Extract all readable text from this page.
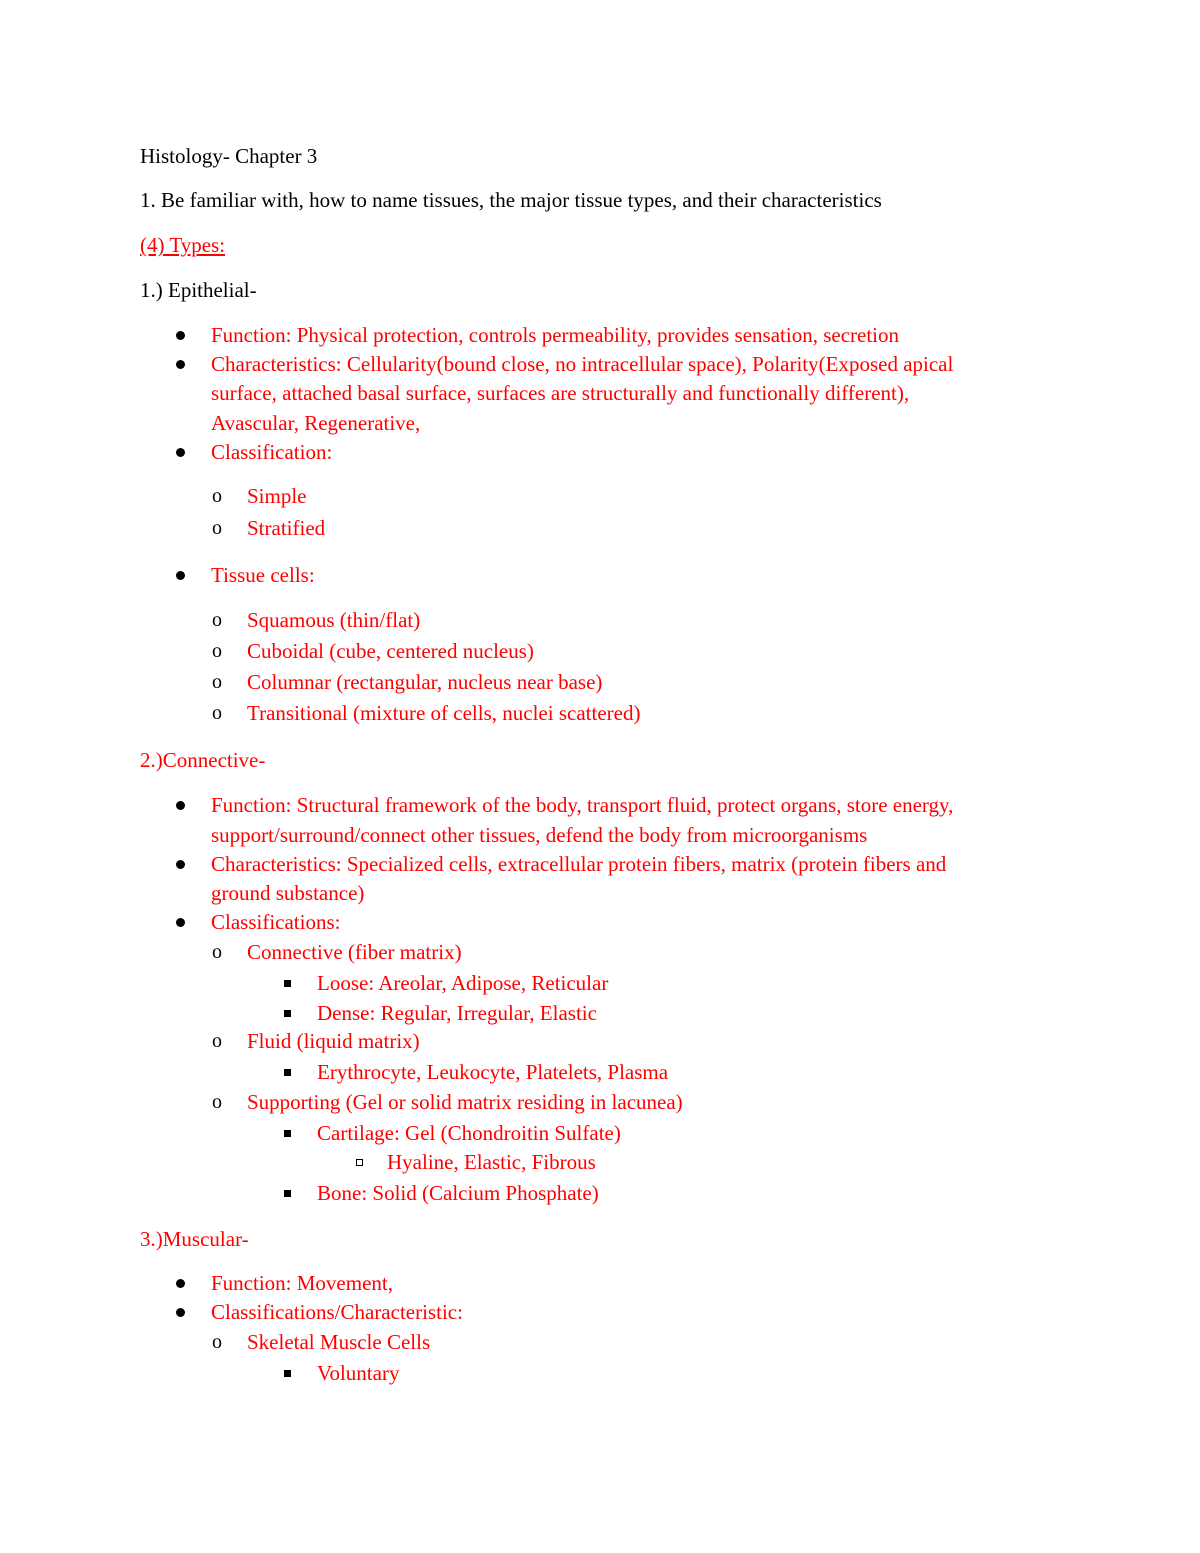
Histology- Chapter 3
1. Be familiar with, how to name tissues, the major tissue types, and their characteristics
(4) Types:
1.) Epithelial-
Function: Physical protection, controls permeability, provides sensation, secretion
Characteristics: Cellularity(bound close, no intracellular space), Polarity(Exposed apical
surface, attached basal surface, surfaces are structurally and functionally different),
Avascular, Regenerative,
Classification:
o Simple
o Stratified
Tissue cells:
o Squamous (thin/flat)
o Cuboidal (cube, centered nucleus)
o Columnar (rectangular, nucleus near base)
o Transitional (mixture of cells, nuclei scattered)
2.)Connective-
Function: Structural framework of the body, transport fluid, protect organs, store energy,
support/surround/connect other tissues, defend the body from microorganisms
Characteristics: Specialized cells, extracellular protein fibers, matrix (protein fibers and
ground substance)
Classifications:
o Connective (fiber matrix)
Loose: Areolar, Adipose, Reticular
Dense: Regular, Irregular, Elastic
o Fluid (liquid matrix)
Erythrocyte, Leukocyte, Platelets, Plasma
o Supporting (Gel or solid matrix residing in lacunea)
Cartilage: Gel (Chondroitin Sulfate)
Hyaline, Elastic, Fibrous
Bone: Solid (Calcium Phosphate)
3.)Muscular-
Function: Movement,
Classifications/Characteristic:
o Skeletal Muscle Cells
Voluntary
